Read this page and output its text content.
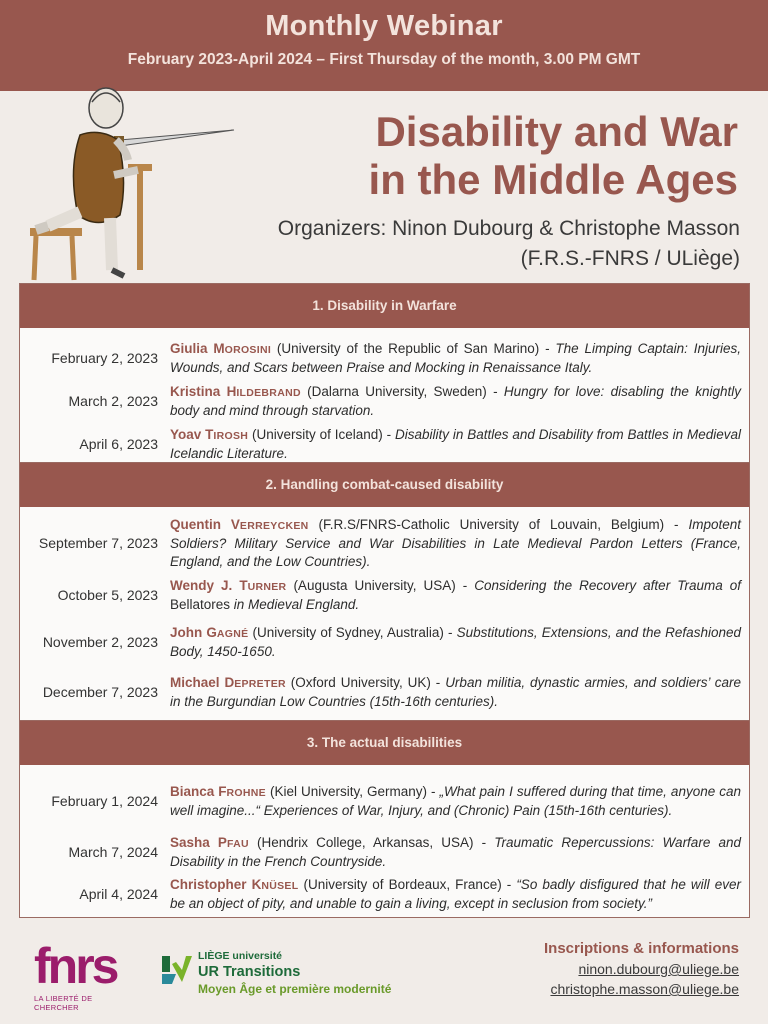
Monthly Webinar
February 2023-April 2024 – First Thursday of the month, 3.00 PM GMT
Disability and War
in the Middle Ages
Organizers: Ninon Dubourg & Christophe Masson
(F.R.S.-FNRS / ULiège)
1. Disability in Warfare
February 2, 2023
Giulia MOROSINI (University of the Republic of San Marino) - The Limping Captain: Injuries, Wounds, and Scars between Praise and Mocking in Renaissance Italy.
March 2, 2023
Kristina HILDEBRAND (Dalarna University, Sweden) - Hungry for love: disabling the knightly body and mind through starvation.
April 6, 2023
Yoav TIROSH (University of Iceland) - Disability in Battles and Disability from Battles in Medieval Icelandic Literature.
2. Handling combat-caused disability
September 7, 2023
Quentin VERREYCKEN (F.R.S/FNRS-Catholic University of Louvain, Belgium) - Impotent Soldiers? Military Service and War Disabilities in Late Medieval Pardon Letters (France, England, and the Low Countries).
October 5, 2023
Wendy J. TURNER (Augusta University, USA) - Considering the Recovery after Trauma of Bellatores in Medieval England.
November 2, 2023
John GAGNÉ (University of Sydney, Australia) - Substitutions, Extensions, and the Refashioned Body, 1450-1650.
December 7, 2023
Michael DEPRETER (Oxford University, UK) - Urban militia, dynastic armies, and soldiers’ care in the Burgundian Low Countries (15th-16th centuries).
3. The actual disabilities
February 1, 2024
Bianca FROHNE (Kiel University, Germany) - „What pain I suffered during that time, anyone can well imagine...“ Experiences of War, Injury, and (Chronic) Pain (15th-16th centuries).
March 7, 2024
Sasha PFAU (Hendrix College, Arkansas, USA) - Traumatic Repercussions: Warfare and Disability in the French Countryside.
April 4, 2024
Christopher KNÜSEL (University of Bordeaux, France) - “So badly disfigured that he will ever be an object of pity, and unable to gain a living, except in seclusion from society.”
fnrs
LA LIBERTÉ DE CHERCHER
LIÈGE université
UR Transitions
Moyen Âge et première modernité
Inscriptions & informations
ninon.dubourg@uliege.be
christophe.masson@uliege.be
